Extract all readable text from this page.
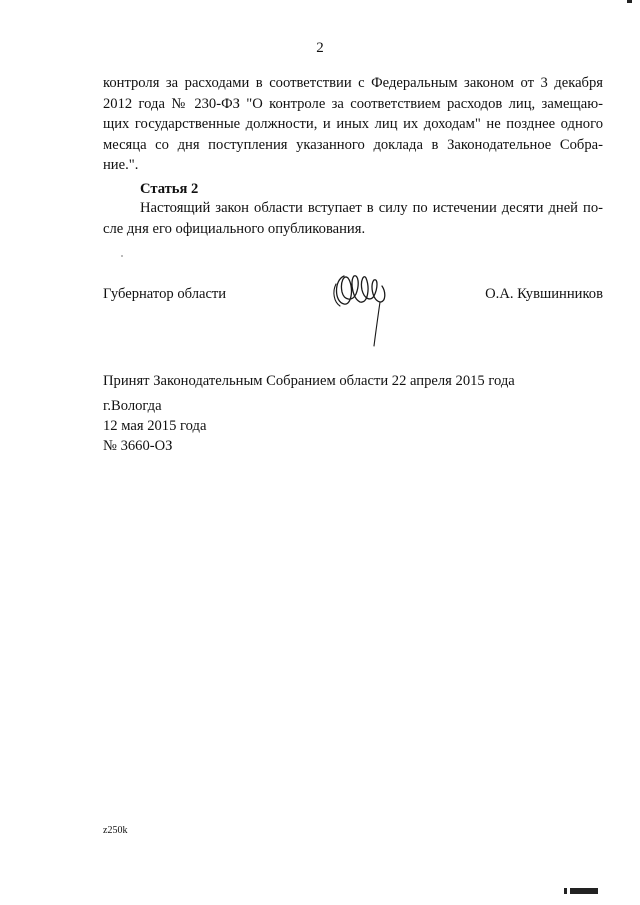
2
контроля за расходами в соответствии с Федеральным законом от 3 декабря
2012 года № 230-ФЗ "О контроле за соответствием расходов лиц, замещаю-
щих государственные должности, и иных лиц их доходам" не позднее одного
месяца со дня поступления указанного доклада в Законодательное Собра-
ние.".
Статья 2
Настоящий закон области вступает в силу по истечении десяти дней по-
сле дня его официального опубликования.
Губернатор области	О.А. Кувшинников
Принят Законодательным Собранием области 22 апреля 2015 года
г.Вологда
12 мая 2015 года
№ 3660-ОЗ
z250k
